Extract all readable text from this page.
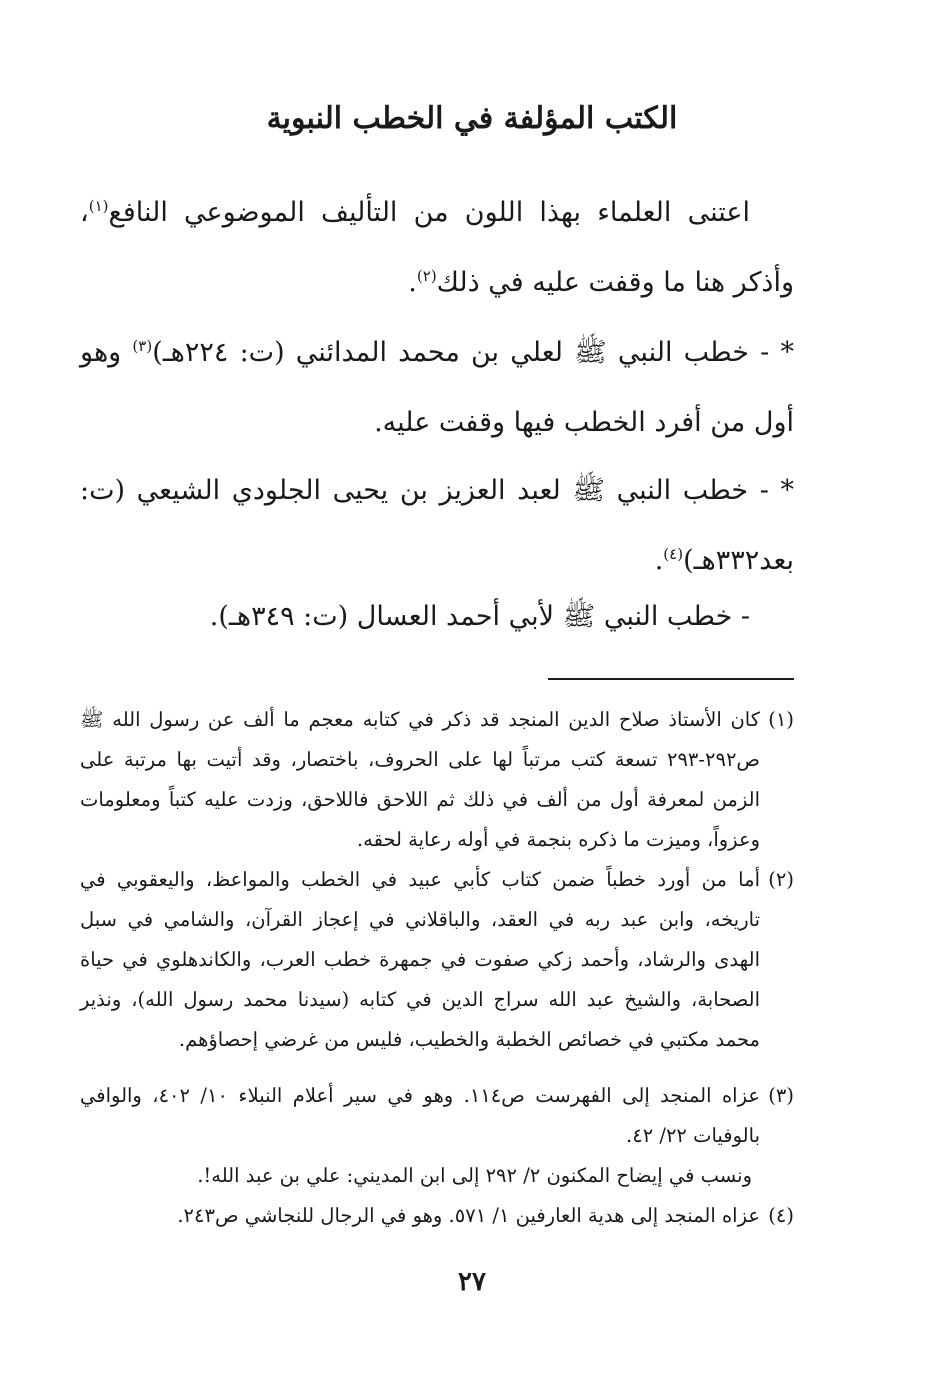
الكتب المؤلفة في الخطب النبوية

اعتنى العلماء بهذا اللون من التأليف الموضوعي النافع$^{(١)}$، وأذكر هنا ما وقفت عليه في ذلك$^{(٢)}$.

* - خطب النبي ﷺ لعلي بن محمد المدائني (ت: ٢٢٤هـ)$^{(٣)}$ وهو أول من أفرد الخطب فيها وقفت عليه.

* - خطب النبي ﷺ لعبد العزيز بن يحيى الجلودي الشيعي (ت: بعد٣٣٢هـ)$^{(٤)}$.

- خطب النبي ﷺ لأبي أحمد العسال (ت: ٣٤٩هـ).

(١)
كان الأستاذ صلاح الدين المنجد قد ذكر في كتابه معجم ما ألف عن رسول الله ﷺ ص٢٩٢-٢٩٣ تسعة كتب مرتباً لها على الحروف، باختصار، وقد أتيت بها مرتبة على الزمن لمعرفة أول من ألف في ذلك ثم اللاحق فاللاحق، وزدت عليه كتباً ومعلومات وعزواً، وميزت ما ذكره بنجمة في أوله رعاية لحقه.
(٢)
أما من أورد خطباً ضمن كتاب كأبي عبيد في الخطب والمواعظ، واليعقوبي في تاريخه، وابن عبد ربه في العقد، والباقلاني في إعجاز القرآن، والشامي في سبل الهدى والرشاد، وأحمد زكي صفوت في جمهرة خطب العرب، والكاندهلوي في حياة الصحابة، والشيخ عبد الله سراج الدين في كتابه (سيدنا محمد رسول الله)، ونذير محمد مكتبي في خصائص الخطبة والخطيب، فليس من غرضي إحصاؤهم.
(٣)
عزاه المنجد إلى الفهرست ص١١٤. وهو في سير أعلام النبلاء ١٠/ ٤٠٢، والوافي بالوفيات ٢٢/ ٤٢.
ونسب في إيضاح المكنون ٢/ ٢٩٢ إلى ابن المديني: علي بن عبد الله!.
(٤)
عزاه المنجد إلى هدية العارفين ١/ ٥٧١. وهو في الرجال للنجاشي ص٢٤٣.
٢٧
